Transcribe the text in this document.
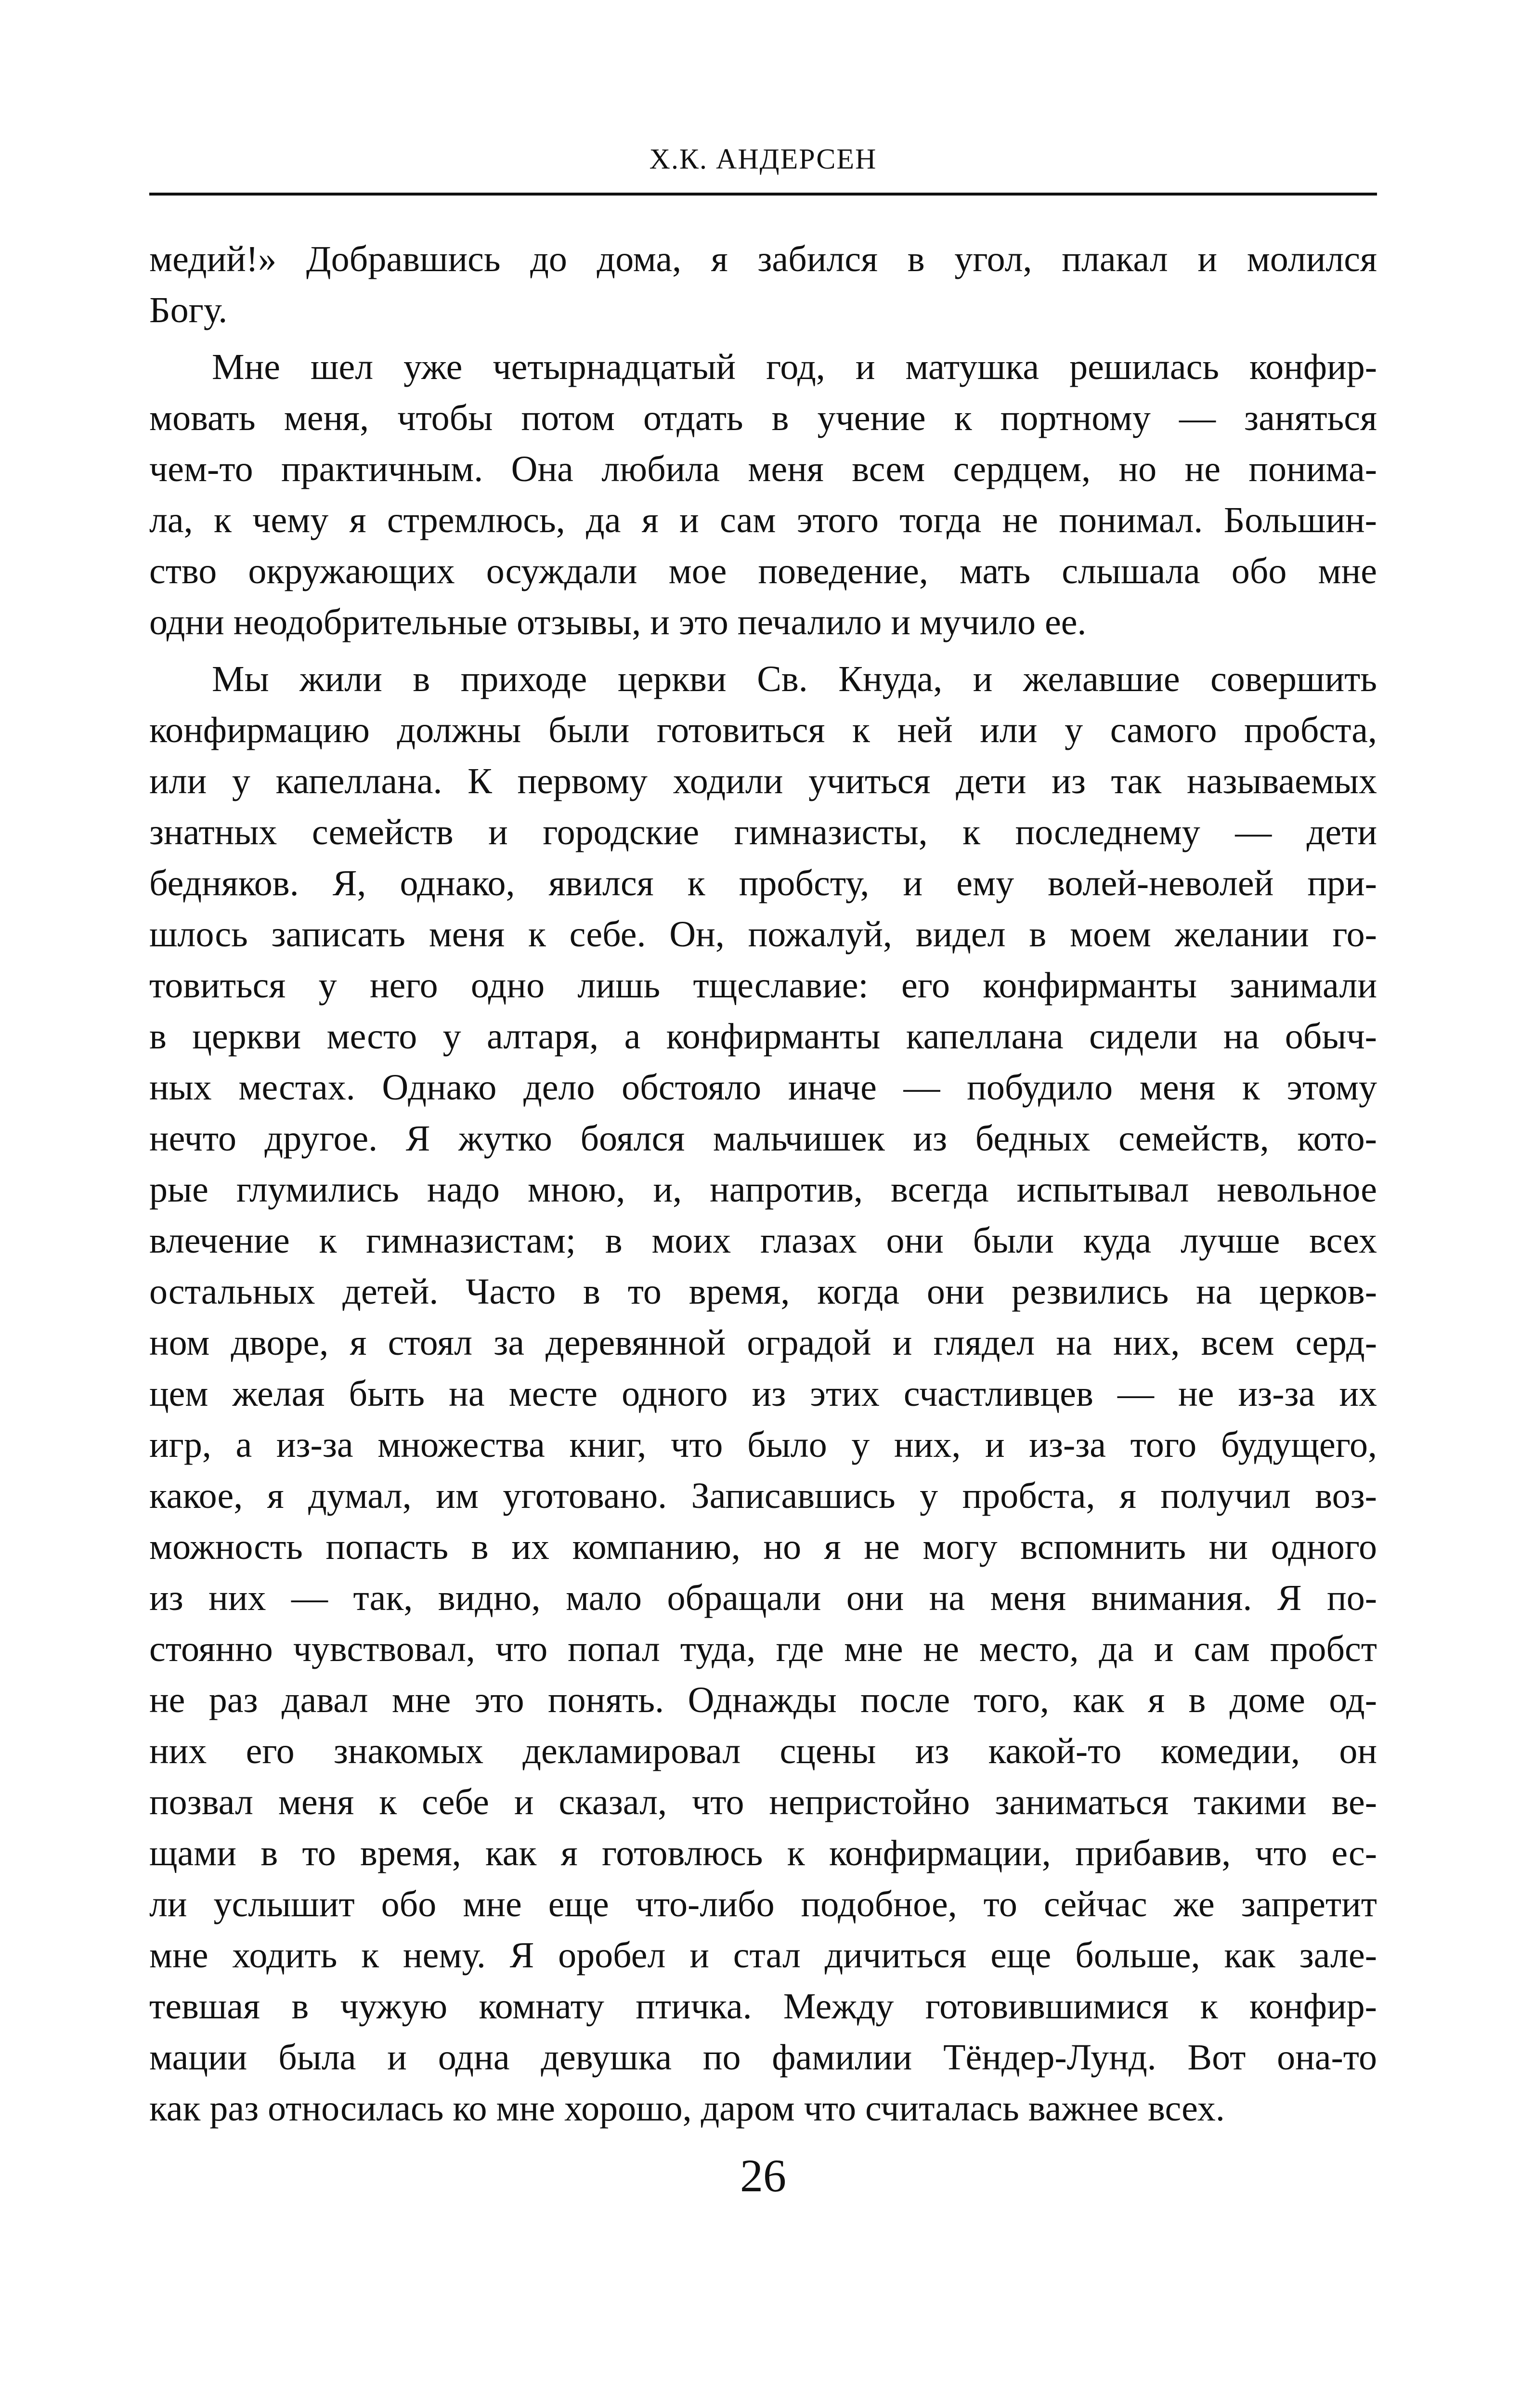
Х.К. АНДЕРСЕН
медий!» Добравшись до дома, я забился в угол, плакал и молился
Богу.
Мне шел уже четырнадцатый год, и матушка решилась конфир-
мовать меня, чтобы потом отдать в учение к портному — заняться
чем-то практичным. Она любила меня всем сердцем, но не понима-
ла, к чему я стремлюсь, да я и сам этого тогда не понимал. Большин-
ство окружающих осуждали мое поведение, мать слышала обо мне
одни неодобрительные отзывы, и это печалило и мучило ее.
Мы жили в приходе церкви Св. Кнуда, и желавшие совершить
конфирмацию должны были готовиться к ней или у самого пробста,
или у капеллана. К первому ходили учиться дети из так называемых
знатных семейств и городские гимназисты, к последнему — дети
бедняков. Я, однако, явился к пробсту, и ему волей-неволей при-
шлось записать меня к себе. Он, пожалуй, видел в моем желании го-
товиться у него одно лишь тщеславие: его конфирманты занимали
в церкви место у алтаря, а конфирманты капеллана сидели на обыч-
ных местах. Однако дело обстояло иначе — побудило меня к этому
нечто другое. Я жутко боялся мальчишек из бедных семейств, кото-
рые глумились надо мною, и, напротив, всегда испытывал невольное
влечение к гимназистам; в моих глазах они были куда лучше всех
остальных детей. Часто в то время, когда они резвились на церков-
ном дворе, я стоял за деревянной оградой и глядел на них, всем серд-
цем желая быть на месте одного из этих счастливцев — не из-за их
игр, а из-за множества книг, что было у них, и из-за того будущего,
какое, я думал, им уготовано. Записавшись у пробста, я получил воз-
можность попасть в их компанию, но я не могу вспомнить ни одного
из них — так, видно, мало обращали они на меня внимания. Я по-
стоянно чувствовал, что попал туда, где мне не место, да и сам пробст
не раз давал мне это понять. Однажды после того, как я в доме од-
них его знакомых декламировал сцены из какой-то комедии, он
позвал меня к себе и сказал, что непристойно заниматься такими ве-
щами в то время, как я готовлюсь к конфирмации, прибавив, что ес-
ли услышит обо мне еще что-либо подобное, то сейчас же запретит
мне ходить к нему. Я оробел и стал дичиться еще больше, как зале-
тевшая в чужую комнату птичка. Между готовившимися к конфир-
мации была и одна девушка по фамилии Тёндер-Лунд. Вот она-то
как раз относилась ко мне хорошо, даром что считалась важнее всех.
26
